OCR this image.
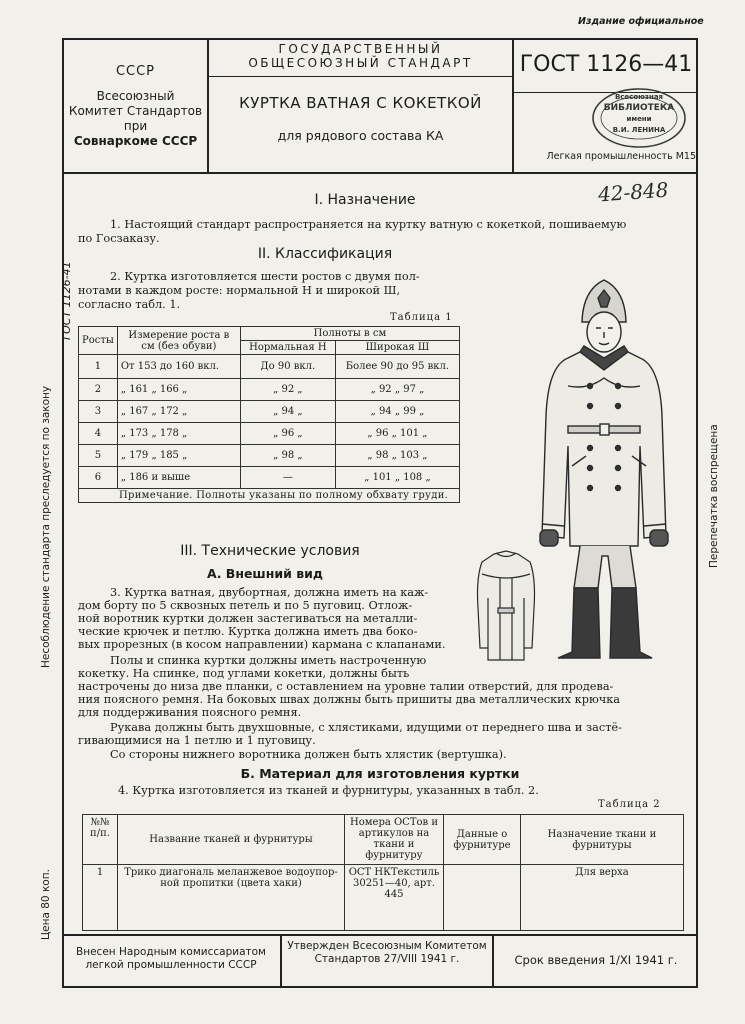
Издание официальное
СССР
Всесоюзный
Комитет Стандартов
при
Совнаркоме СССР
ГОСУДАРСТВЕННЫЙ
ОБЩЕСОЮЗНЫЙ СТАНДАРТ
КУРТКА ВАТНАЯ С КОКЕТКОЙ
для рядового состава КА
ГОСТ 1126—41
Всесоюзная
БИБЛИОТЕКА
имени
В.И. ЛЕНИНА
Легкая промышленность М15
42-848
Несоблюдение стандарта преследуется по закону
ГОСТ 1126-41
Перепечатка воспрещена
Цена 80 коп.
I. Назначение
1. Настоящий стандарт распространяется на куртку ватную с кокеткой, пошиваемую
по Госзаказу.
II. Классификация
2. Куртка изготовляется шести ростов с двумя пол-
нотами в каждом росте: нормальной Н и широкой Ш,
согласно табл. 1.
Таблица 1
Росты	Измерение роста в см (без обуви)	Полноты в см	
		Нормальная Н	Широкая Ш
1	От 153 до 160 вкл.	До 90 вкл.	Более 90 до 95 вкл.
2	„ 161 „ 166 „	„ 92 „	„ 92 „ 97 „
3	„ 167 „ 172 „	„ 94 „	„ 94 „ 99 „
4	„ 173 „ 178 „	„ 96 „	„ 96 „ 101 „
5	„ 179 „ 185 „	„ 98 „	„ 98 „ 103 „
6	„ 186 и выше	—	„ 101 „ 108 „
Примечание. Полноты указаны по полному обхвату груди.			
III. Технические условия
А. Внешний вид
3. Куртка ватная, двубортная, должна иметь на каж-
дом борту по 5 сквозных петель и по 5 пуговиц. Отлож-
ной воротник куртки должен застегиваться на металли-
ческие крючек и петлю. Куртка должна иметь два боко-
вых прорезных (в косом направлении) кармана с клапанами.
Полы и спинка куртки должны иметь настроченную
кокетку. На спинке, под углами кокетки, должны быть
настрочены до низа две планки, с оставлением на уровне талии отверстий, для продева-
ния поясного ремня. На боковых швах должны быть пришиты два металлических крючка
для поддерживания поясного ремня.
Рукава должны быть двухшовные, с хлястиками, идущими от переднего шва и застё-
гивающимися на 1 петлю и 1 пуговицу.
Со стороны нижнего воротника должен быть хлястик (вертушка).
Б. Материал для изготовления куртки
4. Куртка изготовляется из тканей и фурнитуры, указанных в табл. 2.
Таблица 2
№№ п/п.	Название тканей и фурнитуры	Номера ОСТов и артикулов на ткани и фурнитуру	Данные о фурнитуре	Назначение ткани и фурнитуры
1	Трико диагональ меланжевое водоупор-ной пропитки (цвета хаки)	ОСТ НКТекстиль 30251—40, арт. 445		Для верха
Внесен Народным комиссариатом легкой промышленности СССР
Утвержден Всесоюзным Комитетом Стандартов 27/VIII 1941 г.	Срок введения 1/XI 1941 г.
